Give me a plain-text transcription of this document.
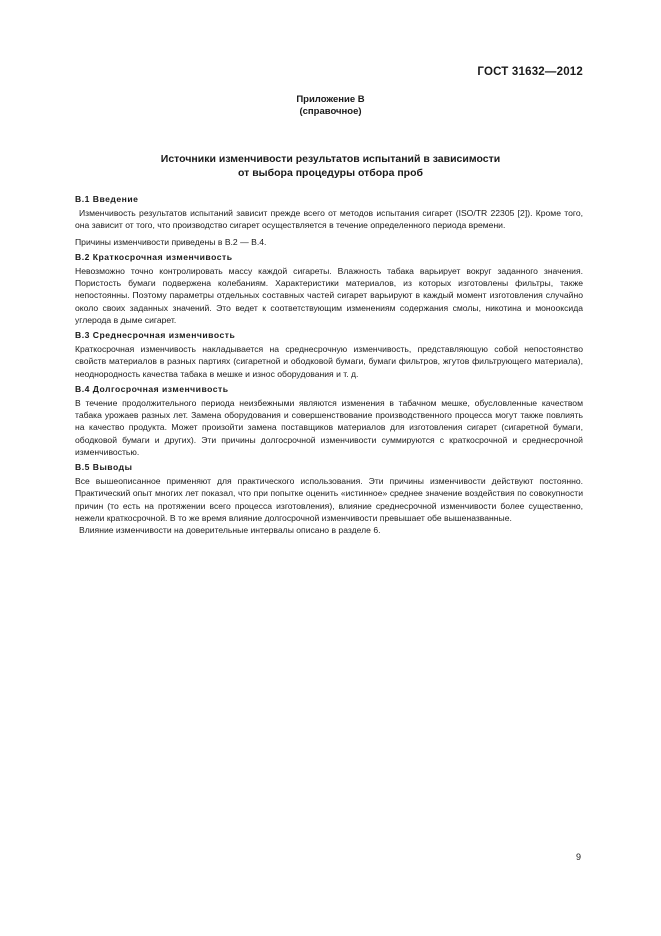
ГОСТ 31632—2012
Приложение В
(справочное)
Источники изменчивости результатов испытаний в зависимости
от выбора процедуры отбора проб
В.1 Введение

Изменчивость результатов испытаний зависит прежде всего от методов испытания сигарет (ISO/TR 22305 [2]). Кроме того, она зависит от того, что производство сигарет осуществляется в течение определенного периода времени.

Причины изменчивости приведены в В.2 — В.4.

В.2 Краткосрочная изменчивость

Невозможно точно контролировать массу каждой сигареты. Влажность табака варьирует вокруг заданного значения. Пористость бумаги подвержена колебаниям. Характеристики материалов, из которых изготовлены фильтры, также непостоянны. Поэтому параметры отдельных составных частей сигарет варьируют в каждый момент изготовления случайно около своих заданных значений. Это ведет к соответствующим изменениям содержания смолы, никотина и монооксида углерода в дыме сигарет.

В.3 Среднесрочная изменчивость

Краткосрочная изменчивость накладывается на среднесрочную изменчивость, представляющую собой непостоянство свойств материалов в разных партиях (сигаретной и ободковой бумаги, бумаги фильтров, жгутов фильтрующего материала), неоднородность качества табака в мешке и износ оборудования и т. д.

В.4 Долгосрочная изменчивость

В течение продолжительного периода неизбежными являются изменения в табачном мешке, обусловленные качеством табака урожаев разных лет. Замена оборудования и совершенствование производственного процесса могут также повлиять на качество продукта. Может произойти замена поставщиков материалов для изготовления сигарет (сигаретной бумаги, ободковой бумаги и других). Эти причины долгосрочной изменчивости суммируются с краткосрочной и среднесрочной изменчивостью.

В.5 Выводы

Все вышеописанное применяют для практического использования. Эти причины изменчивости действуют постоянно. Практический опыт многих лет показал, что при попытке оценить «истинное» среднее значение воздействия по совокупности причин (то есть на протяжении всего процесса изготовления), влияние среднесрочной изменчивости более существенно, нежели краткосрочной. В то же время влияние долгосрочной изменчивости превышает обе вышеназванные.

Влияние изменчивости на доверительные интервалы описано в разделе 6.

9
